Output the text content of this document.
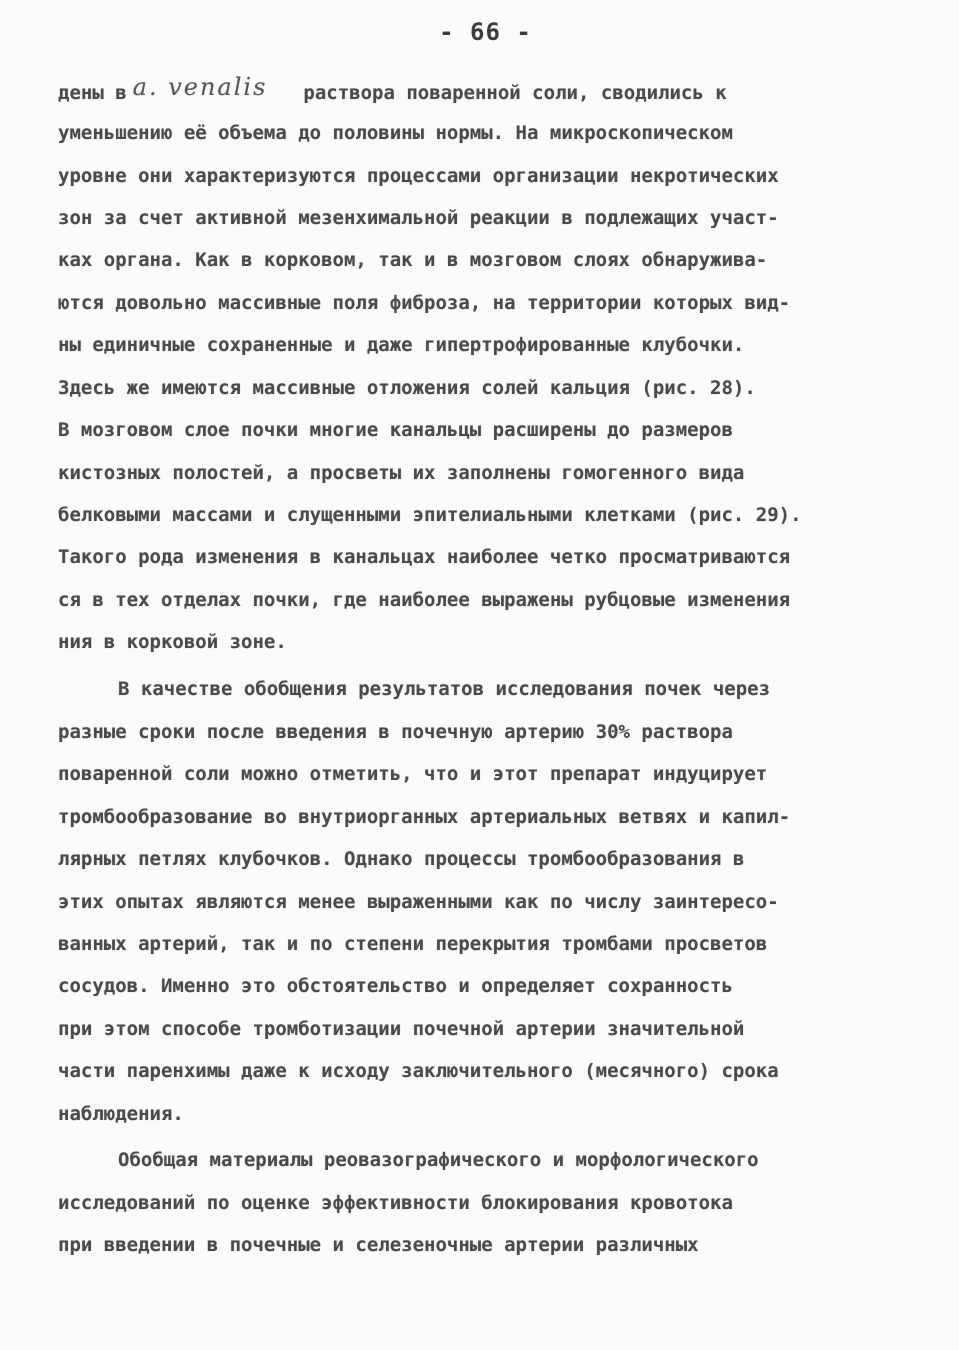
- 66 -
дены в a. venalis раствора поваренной соли, сводились к
уменьшению её объема до половины нормы. На микроскопическом
уровне они характеризуются процессами организации некротических
зон за счет активной мезенхимальной реакции в подлежащих участ-
ках органа. Как в корковом, так и в мозговом слоях обнаружива-
ются довольно массивные поля фиброза, на территории которых вид-
ны единичные сохраненные и даже гипертрофированные клубочки.
Здесь же имеются массивные отложения солей кальция (рис. 28).
В мозговом слое почки многие канальцы расширены до размеров
кистозных полостей, а просветы их заполнены гомогенного вида
белковыми массами и слущенными эпителиальными клетками (рис. 29).
Такого рода изменения в канальцах наиболее четко просматриваются
ся в тех отделах почки, где наиболее выражены рубцовые изменения
ния в корковой зоне.
В качестве обобщения результатов исследования почек через
разные сроки после введения в почечную артерию 30% раствора
поваренной соли можно отметить, что и этот препарат индуцирует
тромбообразование во внутриорганных артериальных ветвях и капил-
лярных петлях клубочков. Однако процессы тромбообразования в
этих опытах являются менее выраженными как по числу заинтересо-
ванных артерий, так и по степени перекрытия тромбами просветов
сосудов. Именно это обстоятельство и определяет сохранность
при этом способе тромботизации почечной артерии значительной
части паренхимы даже к исходу заключительного (месячного) срока
наблюдения.
Обобщая материалы реовазографического и морфологического
исследований по оценке эффективности блокирования кровотока
при введении в почечные и селезеночные артерии различных
